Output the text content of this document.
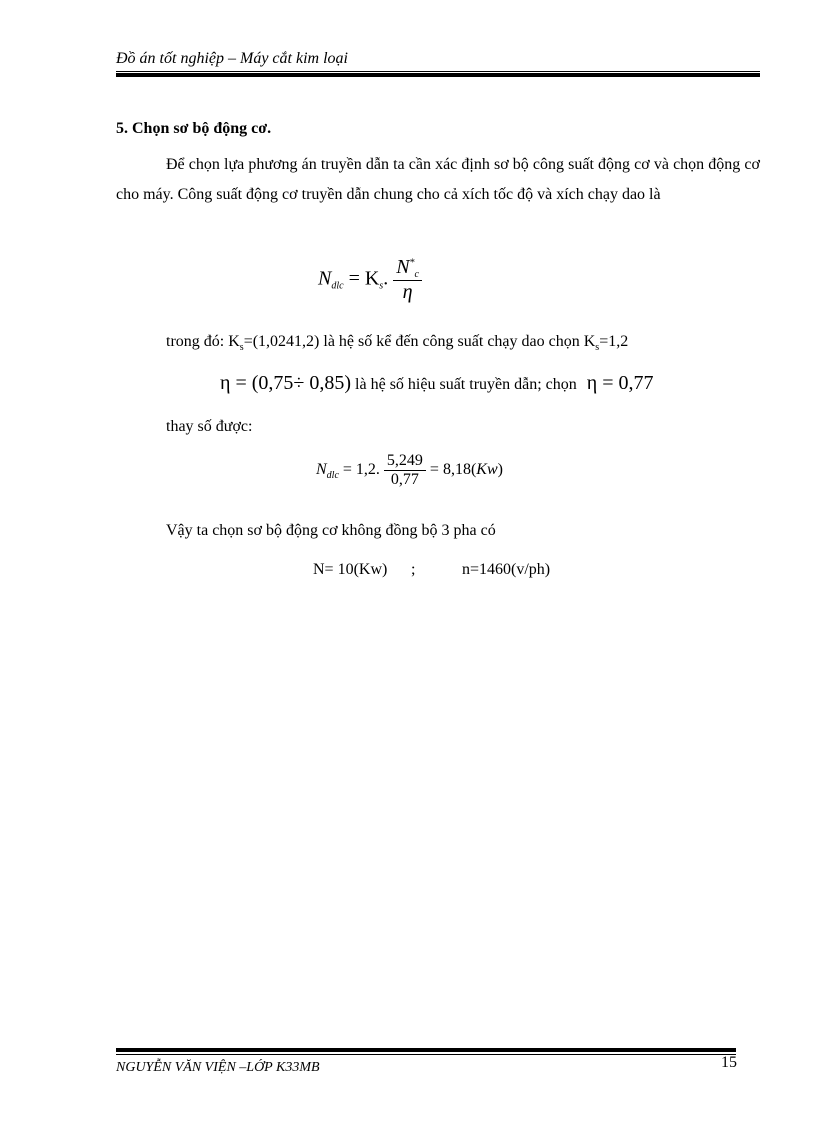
Đồ án tốt nghiệp – Máy cắt kim loại
5. Chọn sơ bộ động cơ.
Để chọn lựa phương án truyền dẫn ta cần xác định sơ bộ công suất động cơ và chọn động cơ cho máy. Công suất động cơ truyền dẫn chung cho cả xích tốc độ và xích chạy dao là
$N_{dlc} = K_s$. $\frac{N^*_c}{\eta}$
trong đó: $K_s=(1,0241,2)$ là hệ số kể đến công suất chạy dao chọn $K_s=1,2$
η = (0,75÷ 0,85) là hệ số hiệu suất truyền dẫn; chọn η = 0,77
thay số được:
$N_{dlc} = 1,2$. $\frac{5,249}{0,77} = 8,18(Kw)$
Vậy ta chọn sơ bộ động cơ không đồng bộ 3 pha có
N= 10(Kw) ;	n=1460(v/ph)
NGUYỄN VĂN VIỆN –LỚP K33MB	15
